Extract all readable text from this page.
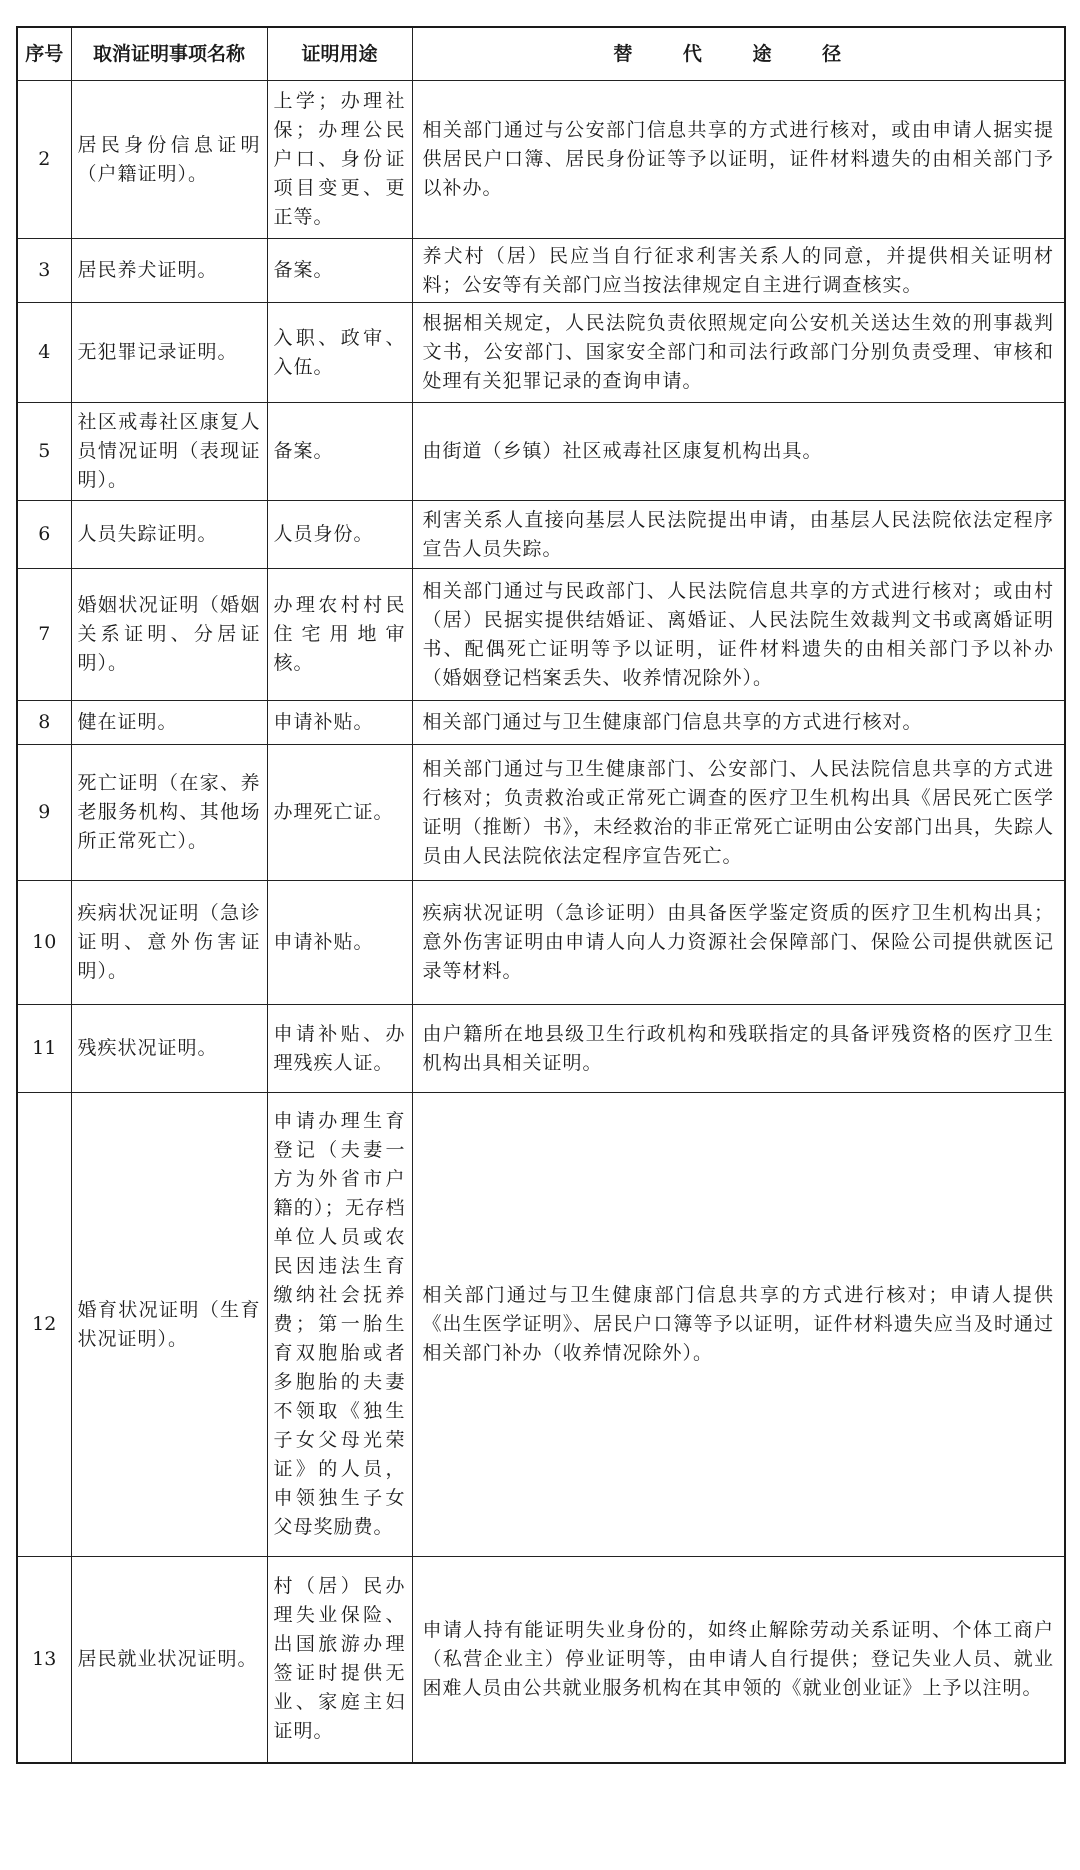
序号	取消证明事项名称	证明用途	替 代 途 径
2	居民身份信息证明（户籍证明）。	上学；办理社保；办理公民户口、身份证项目变更、更正等。	相关部门通过与公安部门信息共享的方式进行核对，或由申请人据实提供居民户口簿、居民身份证等予以证明，证件材料遗失的由相关部门予以补办。
3	居民养犬证明。	备案。	养犬村（居）民应当自行征求利害关系人的同意，并提供相关证明材料；公安等有关部门应当按法律规定自主进行调查核实。
4	无犯罪记录证明。	入职、政审、入伍。	根据相关规定，人民法院负责依照规定向公安机关送达生效的刑事裁判文书，公安部门、国家安全部门和司法行政部门分别负责受理、审核和处理有关犯罪记录的查询申请。
5	社区戒毒社区康复人员情况证明（表现证明）。	备案。	由街道（乡镇）社区戒毒社区康复机构出具。
6	人员失踪证明。	人员身份。	利害关系人直接向基层人民法院提出申请，由基层人民法院依法定程序宣告人员失踪。
7	婚姻状况证明（婚姻关系证明、分居证明）。	办理农村村民住宅用地审核。	相关部门通过与民政部门、人民法院信息共享的方式进行核对；或由村（居）民据实提供结婚证、离婚证、人民法院生效裁判文书或离婚证明书、配偶死亡证明等予以证明，证件材料遗失的由相关部门予以补办（婚姻登记档案丢失、收养情况除外）。
8	健在证明。	申请补贴。	相关部门通过与卫生健康部门信息共享的方式进行核对。
9	死亡证明（在家、养老服务机构、其他场所正常死亡）。	办理死亡证。	相关部门通过与卫生健康部门、公安部门、人民法院信息共享的方式进行核对；负责救治或正常死亡调查的医疗卫生机构出具《居民死亡医学证明（推断）书》，未经救治的非正常死亡证明由公安部门出具，失踪人员由人民法院依法定程序宣告死亡。
10	疾病状况证明（急诊证明、意外伤害证明）。	申请补贴。	疾病状况证明（急诊证明）由具备医学鉴定资质的医疗卫生机构出具；意外伤害证明由申请人向人力资源社会保障部门、保险公司提供就医记录等材料。
11	残疾状况证明。	申请补贴、办理残疾人证。	由户籍所在地县级卫生行政机构和残联指定的具备评残资格的医疗卫生机构出具相关证明。
12	婚育状况证明（生育状况证明）。	申请办理生育登记（夫妻一方为外省市户籍的）；无存档单位人员或农民因违法生育缴纳社会抚养费；第一胎生育双胞胎或者多胞胎的夫妻不领取《独生子女父母光荣证》的人员，申领独生子女父母奖励费。	相关部门通过与卫生健康部门信息共享的方式进行核对；申请人提供《出生医学证明》、居民户口簿等予以证明，证件材料遗失应当及时通过相关部门补办（收养情况除外）。
13	居民就业状况证明。	村（居）民办理失业保险、出国旅游办理签证时提供无业、家庭主妇证明。	申请人持有能证明失业身份的，如终止解除劳动关系证明、个体工商户（私营企业主）停业证明等，由申请人自行提供；登记失业人员、就业困难人员由公共就业服务机构在其申领的《就业创业证》上予以注明。
